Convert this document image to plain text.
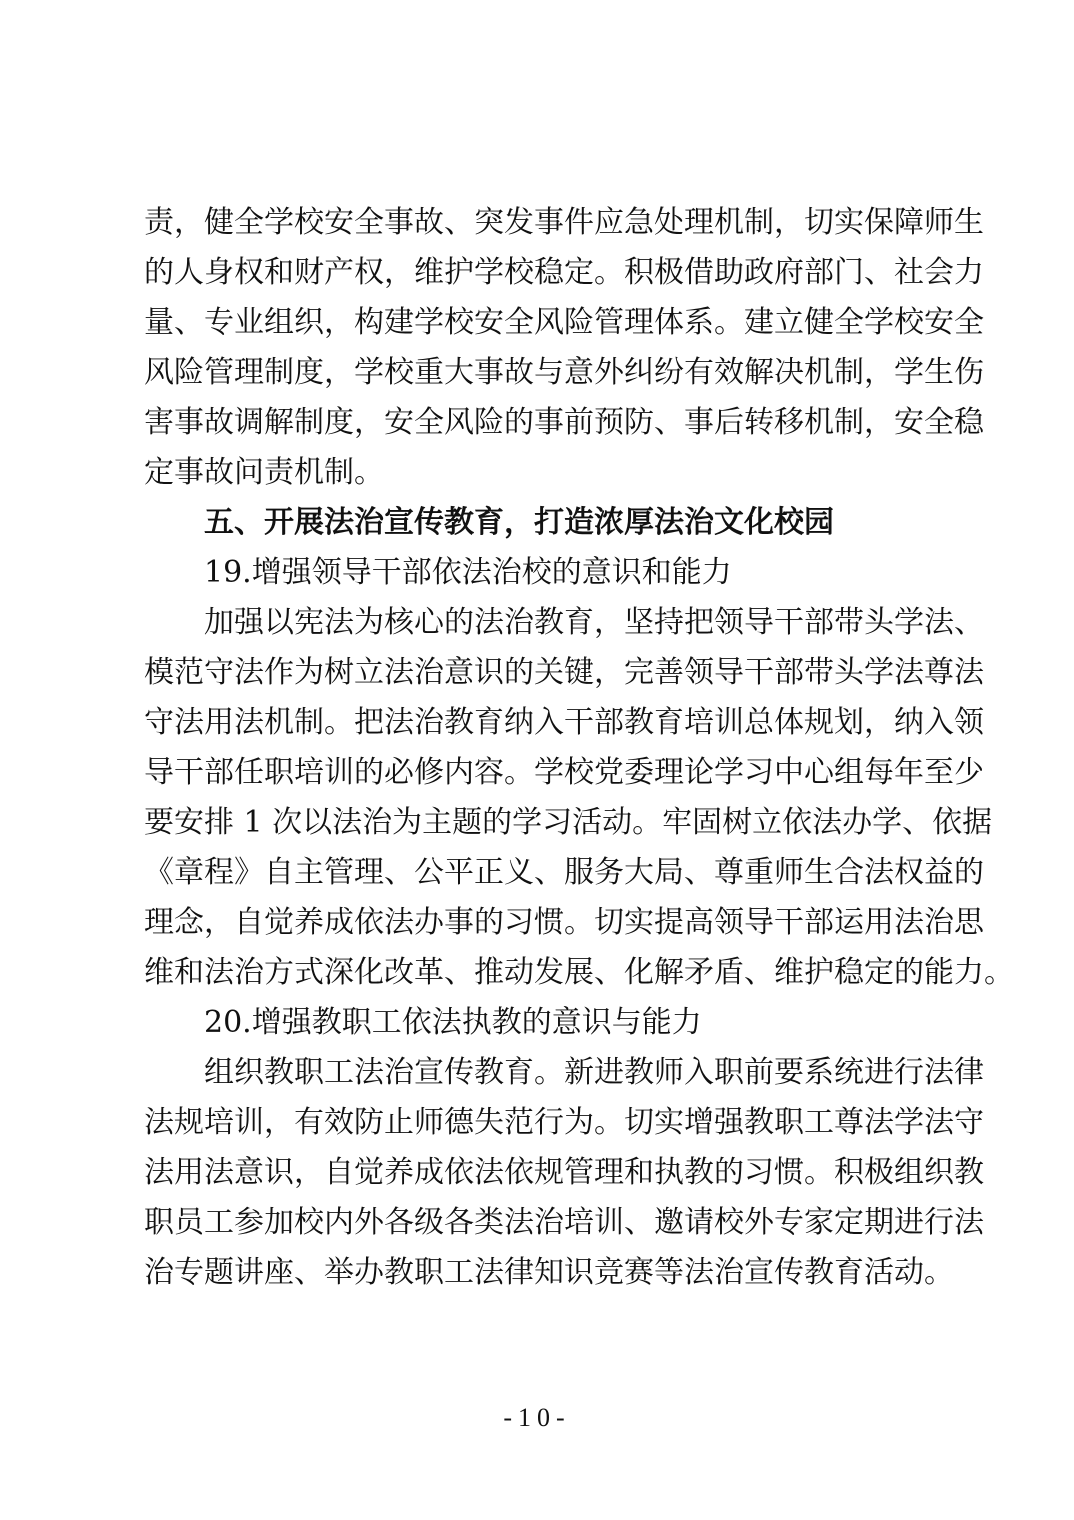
责，健全学校安全事故、突发事件应急处理机制，切实保障师生
的人身权和财产权，维护学校稳定。积极借助政府部门、社会力
量、专业组织，构建学校安全风险管理体系。建立健全学校安全
风险管理制度，学校重大事故与意外纠纷有效解决机制，学生伤
害事故调解制度，安全风险的事前预防、事后转移机制，安全稳
定事故问责机制。
五、开展法治宣传教育，打造浓厚法治文化校园
19.增强领导干部依法治校的意识和能力
加强以宪法为核心的法治教育，坚持把领导干部带头学法、
模范守法作为树立法治意识的关键，完善领导干部带头学法尊法
守法用法机制。把法治教育纳入干部教育培训总体规划，纳入领
导干部任职培训的必修内容。学校党委理论学习中心组每年至少
要安排 1 次以法治为主题的学习活动。牢固树立依法办学、依据
《章程》自主管理、公平正义、服务大局、尊重师生合法权益的
理念，自觉养成依法办事的习惯。切实提高领导干部运用法治思
维和法治方式深化改革、推动发展、化解矛盾、维护稳定的能力。
20.增强教职工依法执教的意识与能力
组织教职工法治宣传教育。新进教师入职前要系统进行法律
法规培训，有效防止师德失范行为。切实增强教职工尊法学法守
法用法意识，自觉养成依法依规管理和执教的习惯。积极组织教
职员工参加校内外各级各类法治培训、邀请校外专家定期进行法
治专题讲座、举办教职工法律知识竞赛等法治宣传教育活动。
-10-
